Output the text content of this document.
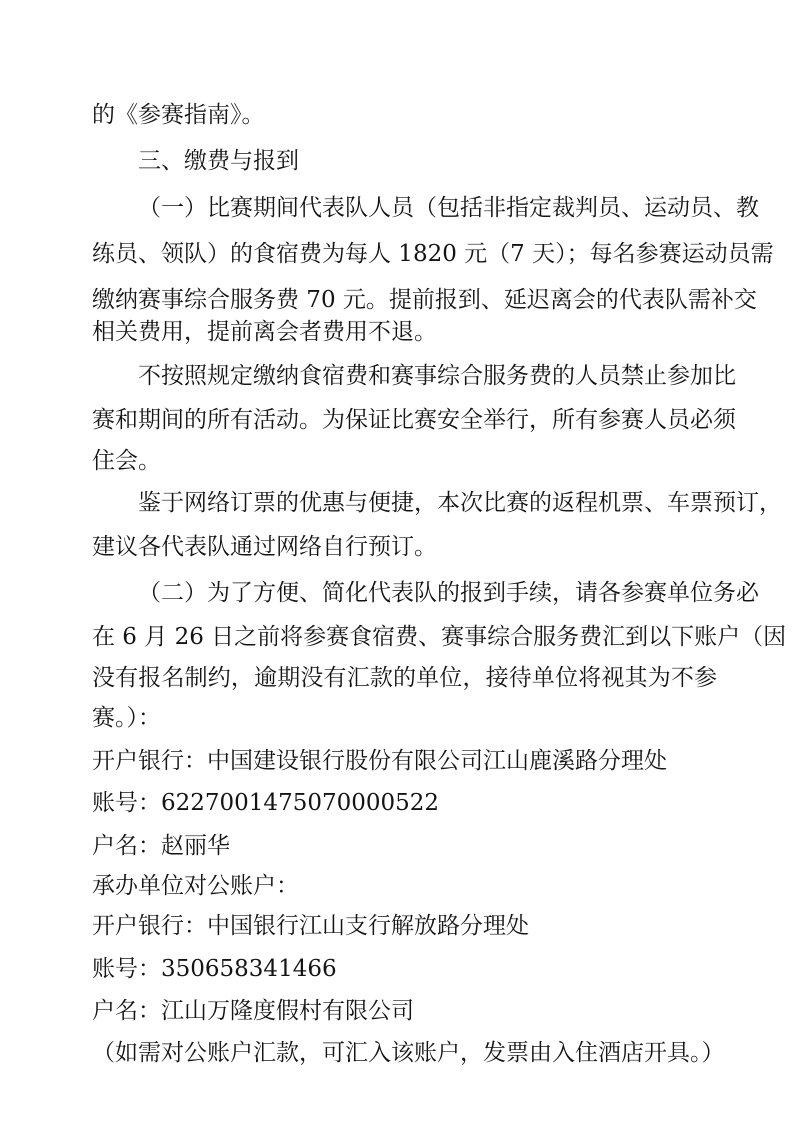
的《参赛指南》。
三、缴费与报到
（一）比赛期间代表队人员（包括非指定裁判员、运动员、教
练员、领队）的食宿费为每人 1820 元（7 天）；每名参赛运动员需
缴纳赛事综合服务费 70 元。提前报到、延迟离会的代表队需补交
相关费用，提前离会者费用不退。
不按照规定缴纳食宿费和赛事综合服务费的人员禁止参加比
赛和期间的所有活动。为保证比赛安全举行，所有参赛人员必须
住会。
鉴于网络订票的优惠与便捷，本次比赛的返程机票、车票预订，
建议各代表队通过网络自行预订。
（二）为了方便、简化代表队的报到手续，请各参赛单位务必
在 6 月 26 日之前将参赛食宿费、赛事综合服务费汇到以下账户（因
没有报名制约，逾期没有汇款的单位，接待单位将视其为不参
赛。）：
开户银行：中国建设银行股份有限公司江山鹿溪路分理处
账号：6227001475070000522
户名：赵丽华
承办单位对公账户：
开户银行：中国银行江山支行解放路分理处
账号：350658341466
户名：江山万隆度假村有限公司
（如需对公账户汇款，可汇入该账户，发票由入住酒店开具。）
